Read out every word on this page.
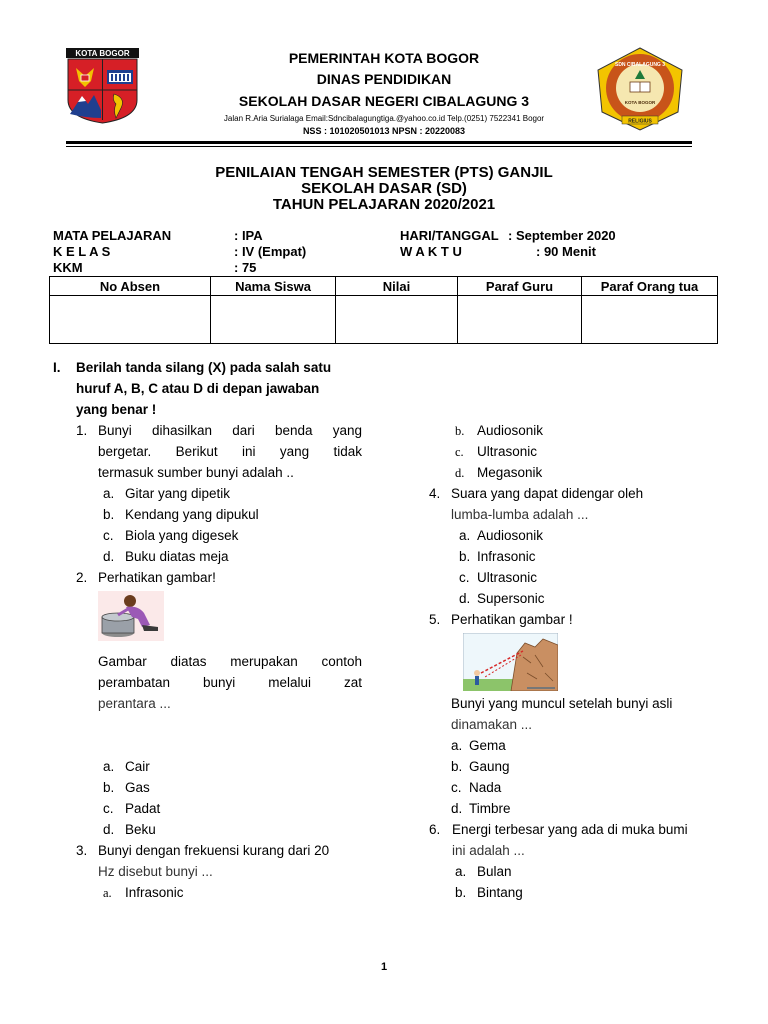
KOTA BOGOR
SDN CIBALAGUNG 3
KOTA BOGOR
RELIGIUS
PEMERINTAH KOTA BOGOR
DINAS PENDIDIKAN
SEKOLAH DASAR NEGERI CIBALAGUNG 3
Jalan R.Aria Surialaga Email:Sdncibalagungtiga.@yahoo.co.id Telp.(0251) 7522341 Bogor
NSS : 101020501013 NPSN : 20220083
PENILAIAN TENGAH SEMESTER (PTS) GANJIL
SEKOLAH DASAR (SD)
TAHUN PELAJARAN 2020/2021
MATA PELAJARAN	: IPA
K E L A S	: IV (Empat)
KKM	: 75
HARI/TANGGAL : September 2020
W A K T U	: 90 Menit
No Absen	Nama Siswa	Nilai	Paraf Guru	Paraf Orang tua

I. Berilah tanda silang (X) pada salah satu
huruf A, B, C atau D di depan jawaban
yang benar !
1. Bunyi dihasilkan dari benda yang
bergetar. Berikut ini yang tidak
termasuk sumber bunyi adalah ..
a. Gitar yang dipetik
b. Kendang yang dipukul
c. Biola yang digesek
d. Buku diatas meja
2. Perhatikan gambar!
Gambar diatas merupakan contoh
perambatan bunyi melalui zat
perantara ...
a. Cair
b. Gas
c. Padat
d. Beku
3. Bunyi dengan frekuensi kurang dari 20
Hz disebut bunyi ...
a. Infrasonic
b. Audiosonik
c. Ultrasonic
d. Megasonik
4. Suara yang dapat didengar oleh
lumba-lumba adalah ...
a. Audiosonik
b. Infrasonic
c. Ultrasonic
d. Supersonic
5. Perhatikan gambar !
Bunyi yang muncul setelah bunyi asli
dinamakan ...
a. Gema
b. Gaung
c. Nada
d. Timbre
6. Energi terbesar yang ada di muka bumi
ini adalah ...
a. Bulan
b. Bintang
1
